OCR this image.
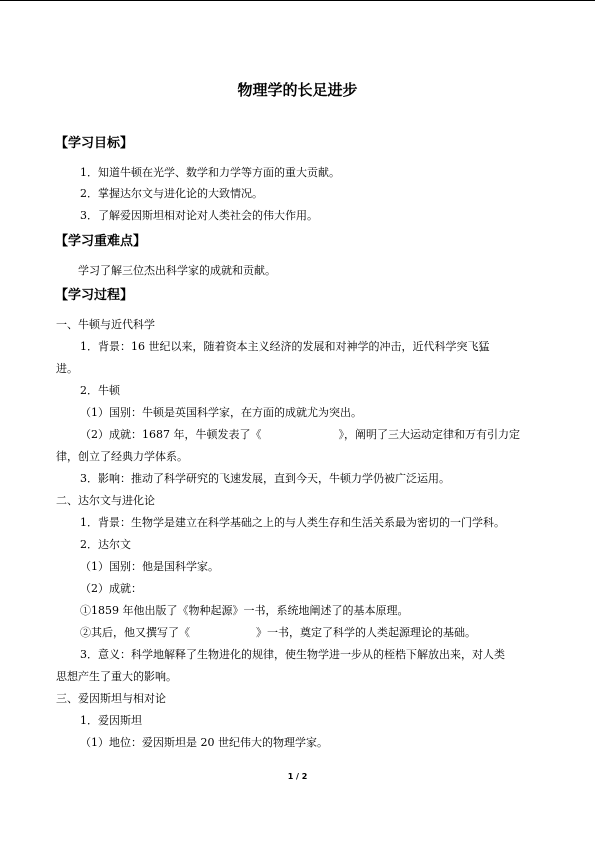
物理学的长足进步
【学习目标】
1．知道牛顿在光学、数学和力学等方面的重大贡献。
2．掌握达尔文与进化论的大致情况。
3．了解爱因斯坦相对论对人类社会的伟大作用。
【学习重难点】
学习了解三位杰出科学家的成就和贡献。
【学习过程】
一、牛顿与近代科学
1．背景：16 世纪以来，随着资本主义经济的发展和对神学的冲击，近代科学突飞猛
进。
2．牛顿
（1）国别：牛顿是英国科学家，在方面的成就尤为突出。
（2）成就：1687 年，牛顿发表了《　　　　　　　》，阐明了三大运动定律和万有引力定
律，创立了经典力学体系。
3．影响：推动了科学研究的飞速发展，直到今天，牛顿力学仍被广泛运用。
二、达尔文与进化论
1．背景：生物学是建立在科学基础之上的与人类生存和生活关系最为密切的一门学科。
2．达尔文
（1）国别：他是国科学家。
（2）成就：
①1859 年他出版了《物种起源》一书，系统地阐述了的基本原理。
②其后，他又撰写了《　　　　　　》一书，奠定了科学的人类起源理论的基础。
3．意义：科学地解释了生物进化的规律，使生物学进一步从的桎梏下解放出来，对人类
思想产生了重大的影响。
三、爱因斯坦与相对论
1．爱因斯坦
（1）地位：爱因斯坦是 20 世纪伟大的物理学家。
1 / 2
